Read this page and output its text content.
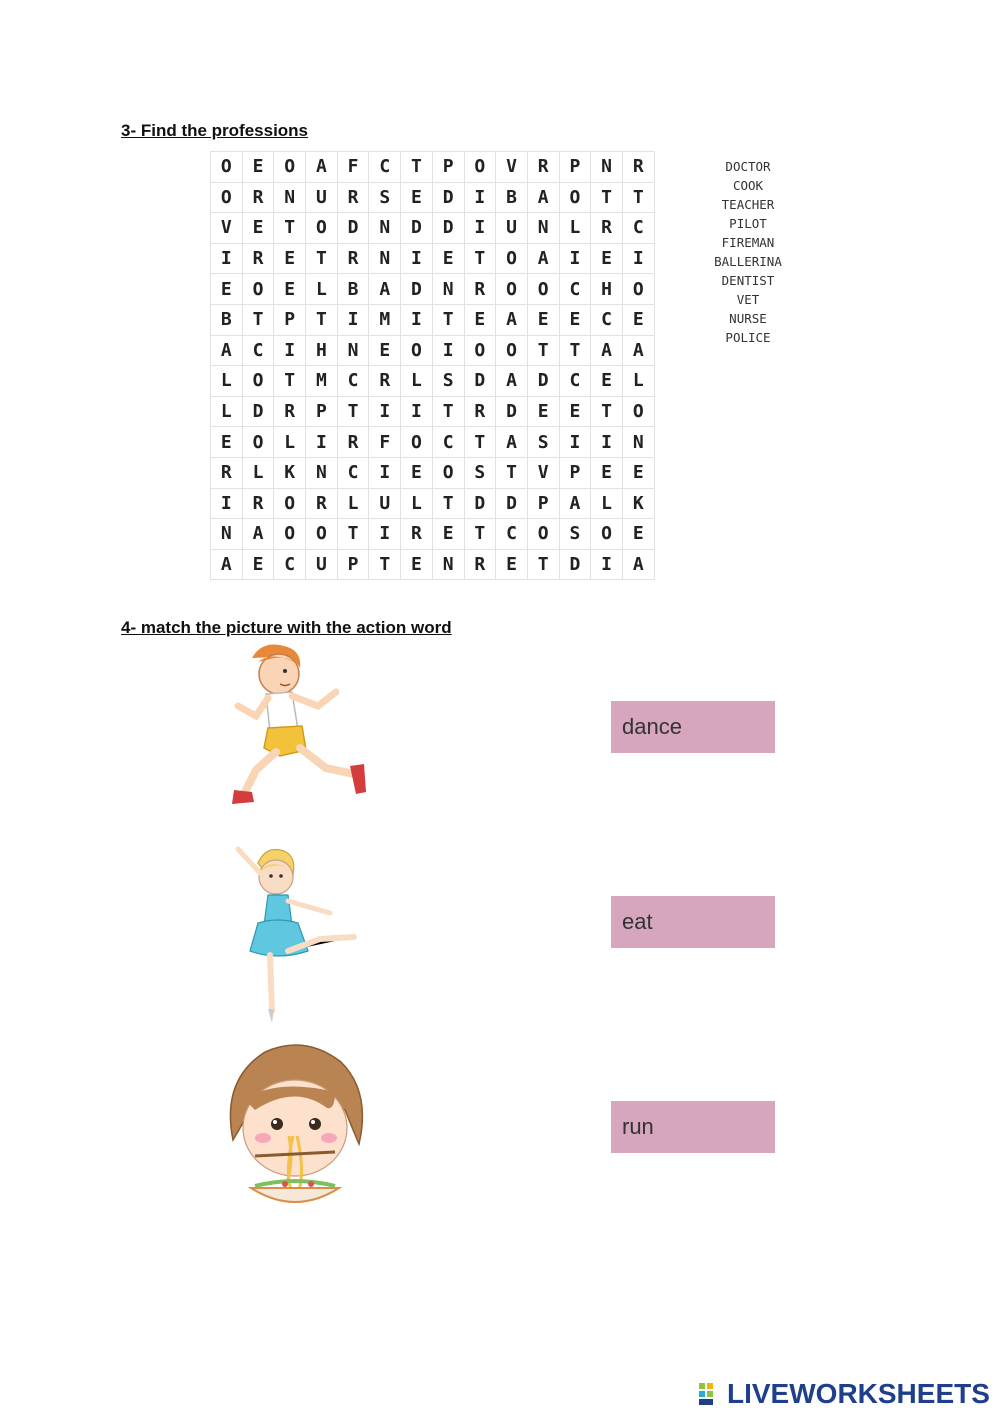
3- Find the professions
O	E	O	A	F	C	T	P	O	V	R	P	N	R
O	R	N	U	R	S	E	D	I	B	A	O	T	T
V	E	T	O	D	N	D	D	I	U	N	L	R	C
I	R	E	T	R	N	I	E	T	O	A	I	E	I
E	O	E	L	B	A	D	N	R	O	O	C	H	O
B	T	P	T	I	M	I	T	E	A	E	E	C	E
A	C	I	H	N	E	O	I	O	O	T	T	A	A
L	O	T	M	C	R	L	S	D	A	D	C	E	L
L	D	R	P	T	I	I	T	R	D	E	E	T	O
E	O	L	I	R	F	O	C	T	A	S	I	I	N
R	L	K	N	C	I	E	O	S	T	V	P	E	E
I	R	O	R	L	U	L	T	D	D	P	A	L	K
N	A	O	O	T	I	R	E	T	C	O	S	O	E
A	E	C	U	P	T	E	N	R	E	T	D	I	A
DOCTOR
COOK
TEACHER
PILOT
FIREMAN
BALLERINA
DENTIST
VET
NURSE
POLICE
4- match the picture with the action word
dance
eat
run
LIVEWORKSHEETS
